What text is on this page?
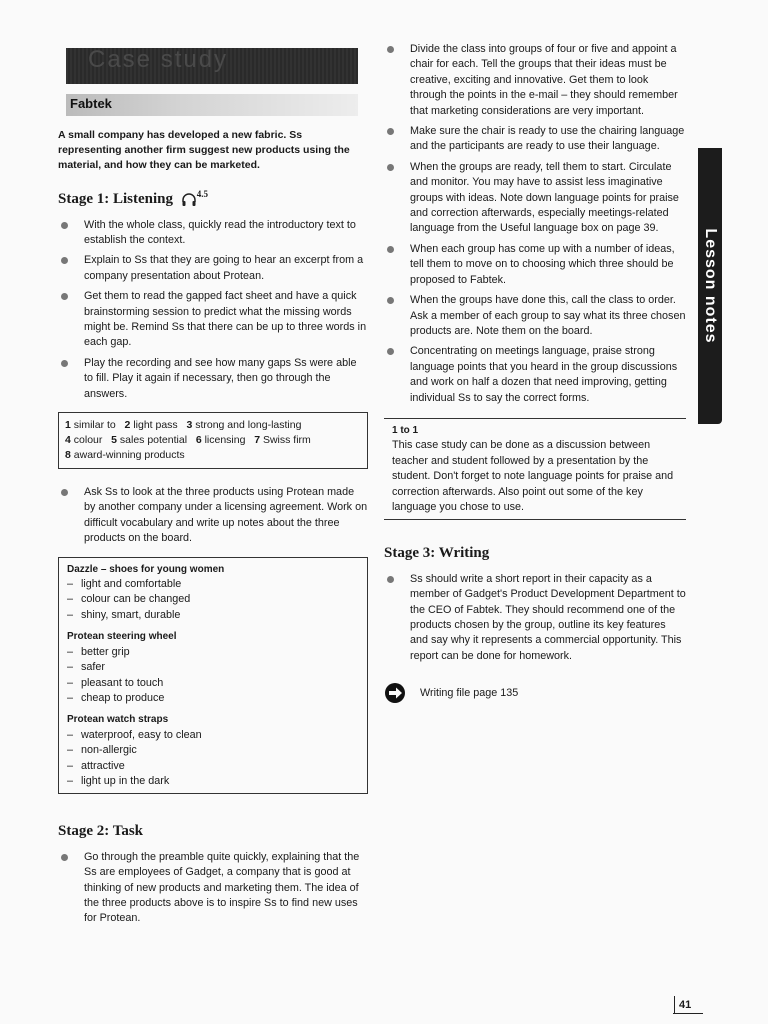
Case study
Fabtek
A small company has developed a new fabric. Ss representing another firm suggest new products using the material, and how they can be marketed.
Stage 1: Listening	$^{4.5}$
With the whole class, quickly read the introductory text to establish the context.
Explain to Ss that they are going to hear an excerpt from a company presentation about Protean.
Get them to read the gapped fact sheet and have a quick brainstorming session to predict what the missing words might be. Remind Ss that there can be up to three words in each gap.
Play the recording and see how many gaps Ss were able to fill. Play it again if necessary, then go through the answers.
1 similar to 2 light pass 3 strong and long-lasting
4 colour 5 sales potential 6 licensing 7 Swiss firm
8 award-winning products
Ask Ss to look at the three products using Protean made by another company under a licensing agreement. Work on difficult vocabulary and write up notes about the three products on the board.
Dazzle – shoes for young women
– light and comfortable
– colour can be changed
– shiny, smart, durable
Protean steering wheel
– better grip
– safer
– pleasant to touch
– cheap to produce
Protean watch straps
– waterproof, easy to clean
– non-allergic
– attractive
– light up in the dark
Stage 2: Task
Go through the preamble quite quickly, explaining that the Ss are employees of Gadget, a company that is good at thinking of new products and marketing them. The idea of the three products above is to inspire Ss to find new uses for Protean.
Divide the class into groups of four or five and appoint a chair for each. Tell the groups that their ideas must be creative, exciting and innovative. Get them to look through the points in the e-mail – they should remember that marketing considerations are very important.
Make sure the chair is ready to use the chairing language and the participants are ready to use their language.
When the groups are ready, tell them to start. Circulate and monitor. You may have to assist less imaginative groups with ideas. Note down language points for praise and correction afterwards, especially meetings-related language from the Useful language box on page 39.
When each group has come up with a number of ideas, tell them to move on to choosing which three should be proposed to Fabtek.
When the groups have done this, call the class to order. Ask a member of each group to say what its three chosen products are. Note them on the board.
Concentrating on meetings language, praise strong language points that you heard in the group discussions and work on half a dozen that need improving, getting individual Ss to say the correct forms.
1 to 1
This case study can be done as a discussion between teacher and student followed by a presentation by the student. Don't forget to note language points for praise and correction afterwards. Also point out some of the key language you chose to use.
Stage 3: Writing
Ss should write a short report in their capacity as a member of Gadget's Product Development Department to the CEO of Fabtek. They should recommend one of the products chosen by the group, outline its key features and say why it represents a commercial opportunity. This report can be done for homework.
Writing file page 135
Lesson notes
41
